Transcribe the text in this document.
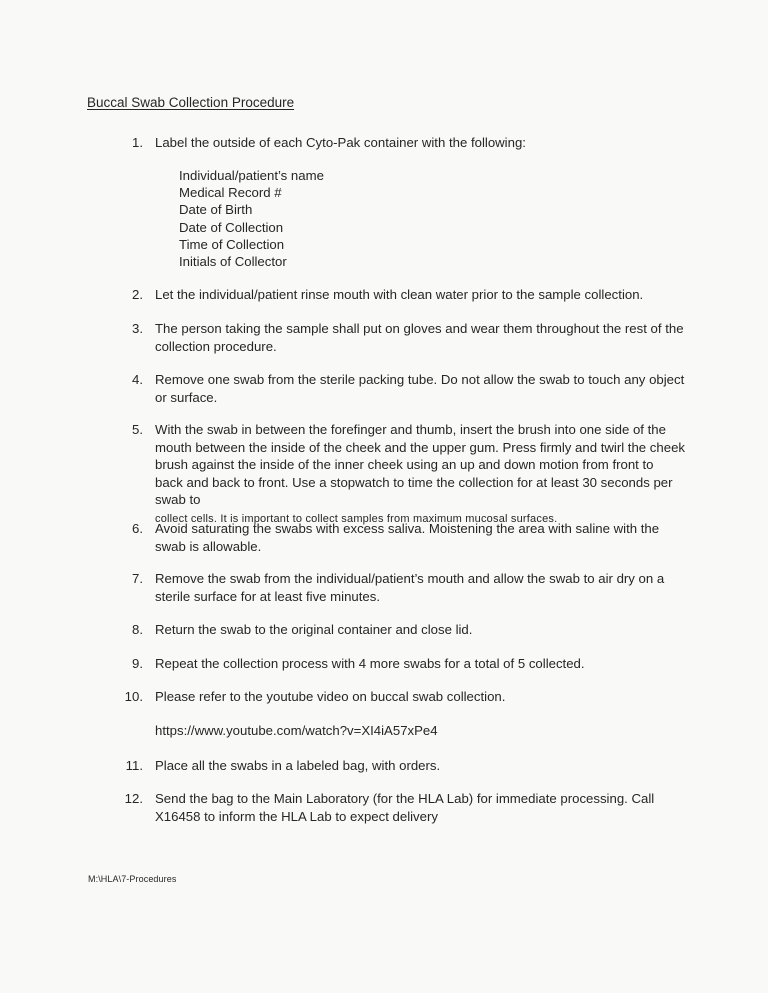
Buccal Swab Collection Procedure
1. Label the outside of each Cyto-Pak container with the following:
Individual/patient’s name
Medical Record #
Date of Birth
Date of Collection
Time of Collection
Initials of Collector
2. Let the individual/patient rinse mouth with clean water prior to the sample collection.
3. The person taking the sample shall put on gloves and wear them throughout the rest of the collection procedure.
4. Remove one swab from the sterile packing tube. Do not allow the swab to touch any object or surface.
5. With the swab in between the forefinger and thumb, insert the brush into one side of the mouth between the inside of the cheek and the upper gum. Press firmly and twirl the cheek brush against the inside of the inner cheek using an up and down motion from front to back and back to front. Use a stopwatch to time the collection for at least 30 seconds per swab to
collect cells. It is important to collect samples from maximum mucosal surfaces.
6. Avoid saturating the swabs with excess saliva. Moistening the area with saline with the swab is allowable.
7. Remove the swab from the individual/patient’s mouth and allow the swab to air dry on a sterile surface for at least five minutes.
8. Return the swab to the original container and close lid.
9. Repeat the collection process with 4 more swabs for a total of 5 collected.
10. Please refer to the youtube video on buccal swab collection.
https://www.youtube.com/watch?v=XI4iA57xPe4
11. Place all the swabs in a labeled bag, with orders.
12. Send the bag to the Main Laboratory (for the HLA Lab) for immediate processing. Call X16458 to inform the HLA Lab to expect delivery
M:\HLA\7-Procedures
